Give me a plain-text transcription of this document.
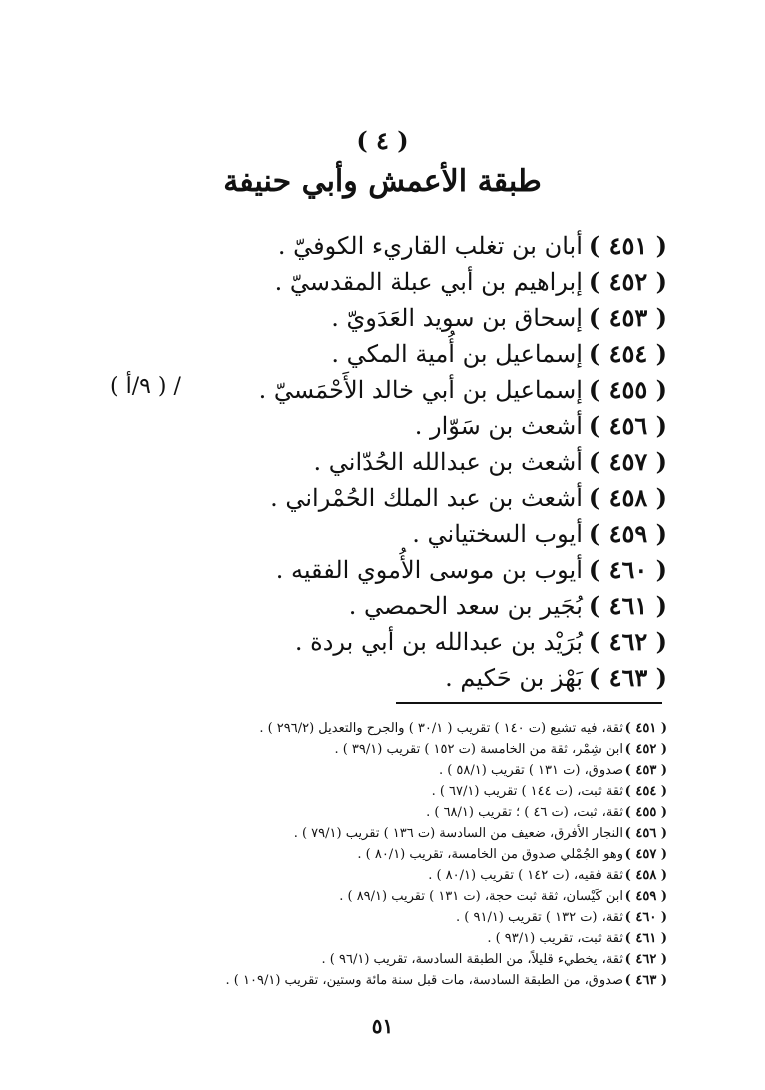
( ٤ )
طبقة الأعمش وأبي حنيفة
/ ( ٩/أ )
( ٤٥١ )أبان بن تغلب القاريء الكوفيّ .
( ٤٥٢ )إبراهيم بن أبي عبلة المقدسيّ .
( ٤٥٣ )إسحاق بن سويد العَدَويّ .
( ٤٥٤ )إسماعيل بن أُمية المكي .
( ٤٥٥ )إسماعيل بن أبي خالد الأَحْمَسيّ .
( ٤٥٦ )أشعث بن سَوّار .
( ٤٥٧ )أشعث بن عبدالله الحُدّاني .
( ٤٥٨ )أشعث بن عبد الملك الحُمْراني .
( ٤٥٩ )أيوب السختياني .
( ٤٦٠ )أيوب بن موسى الأُموي الفقيه .
( ٤٦١ )بُجَير بن سعد الحمصي .
( ٤٦٢ )بُرَيْد بن عبدالله بن أبي بردة .
( ٤٦٣ )بَهْز بن حَكيم .
( ٤٥١ )ثقة، فيه تشيع (ت ١٤٠ ) تقريب ( ٣٠/١ ) والجرح والتعديل (٢٩٦/٢ ) .
( ٤٥٢ )ابن شِمْر، ثقة من الخامسة (ت ١٥٢ ) تقريب (٣٩/١ ) .
( ٤٥٣ )صدوق، (ت ١٣١ ) تقريب (٥٨/١ ) .
( ٤٥٤ )ثقة ثبت، (ت ١٤٤ ) تقريب (٦٧/١ ) .
( ٤٥٥ )ثقة، ثبت، (ت ٤٦ ) ؛ تقريب (٦٨/١ ) .
( ٤٥٦ )النجار الأفرق، ضعيف من السادسة (ت ١٣٦ ) تقريب (٧٩/١ ) .
( ٤٥٧ )وهو الجُمْلي صدوق من الخامسة، تقريب (٨٠/١ ) .
( ٤٥٨ )ثقة فقيه، (ت ١٤٢ ) تقريب (٨٠/١ ) .
( ٤٥٩ )ابن كَيْسان، ثقة ثبت حجة، (ت ١٣١ ) تقريب (٨٩/١ ) .
( ٤٦٠ )ثقة، (ت ١٣٢ ) تقريب (٩١/١ ) .
( ٤٦١ )ثقة ثبت، تقريب (٩٣/١ ) .
( ٤٦٢ )ثقة، يخطيء قليلاً، من الطبقة السادسة، تقريب (٩٦/١ ) .
( ٤٦٣ )صدوق، من الطبقة السادسة، مات قبل سنة مائة وستين، تقريب (١٠٩/١ ) .
٥١
